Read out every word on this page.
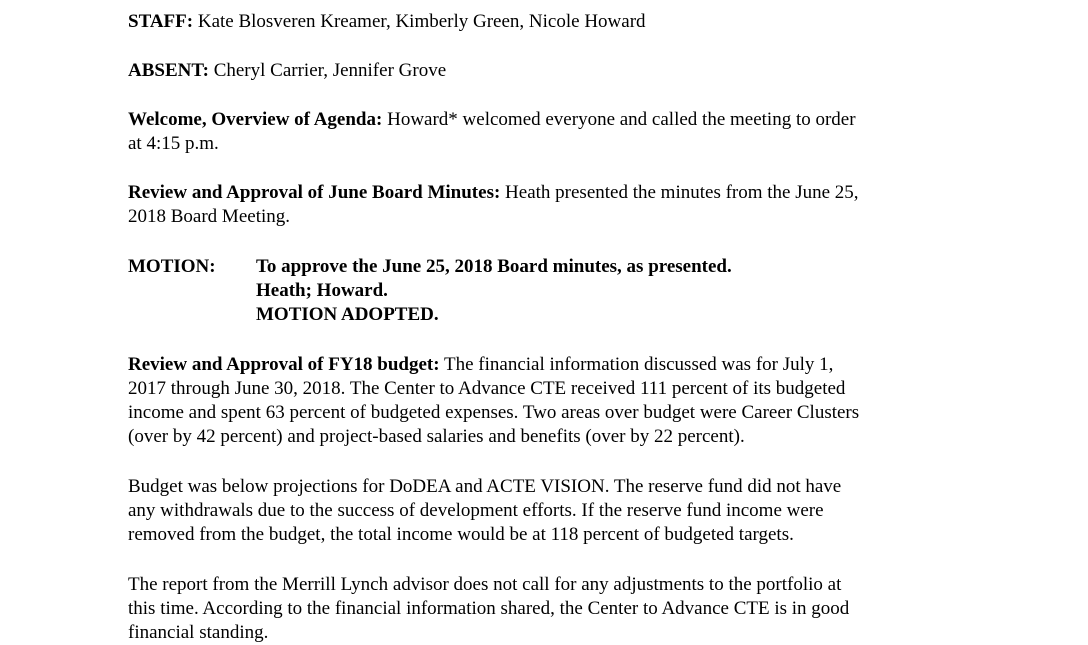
STAFF: Kate Blosveren Kreamer, Kimberly Green, Nicole Howard
ABSENT: Cheryl Carrier, Jennifer Grove
Welcome, Overview of Agenda: Howard* welcomed everyone and called the meeting to order
at 4:15 p.m.
Review and Approval of June Board Minutes: Heath presented the minutes from the June 25,
2018 Board Meeting.
MOTION: To approve the June 25, 2018 Board minutes, as presented.
Heath; Howard.
MOTION ADOPTED.
Review and Approval of FY18 budget: The financial information discussed was for July 1,
2017 through June 30, 2018. The Center to Advance CTE received 111 percent of its budgeted
income and spent 63 percent of budgeted expenses. Two areas over budget were Career Clusters
(over by 42 percent) and project-based salaries and benefits (over by 22 percent).
Budget was below projections for DoDEA and ACTE VISION. The reserve fund did not have
any withdrawals due to the success of development efforts. If the reserve fund income were
removed from the budget, the total income would be at 118 percent of budgeted targets.
The report from the Merrill Lynch advisor does not call for any adjustments to the portfolio at
this time. According to the financial information shared, the Center to Advance CTE is in good
financial standing.
